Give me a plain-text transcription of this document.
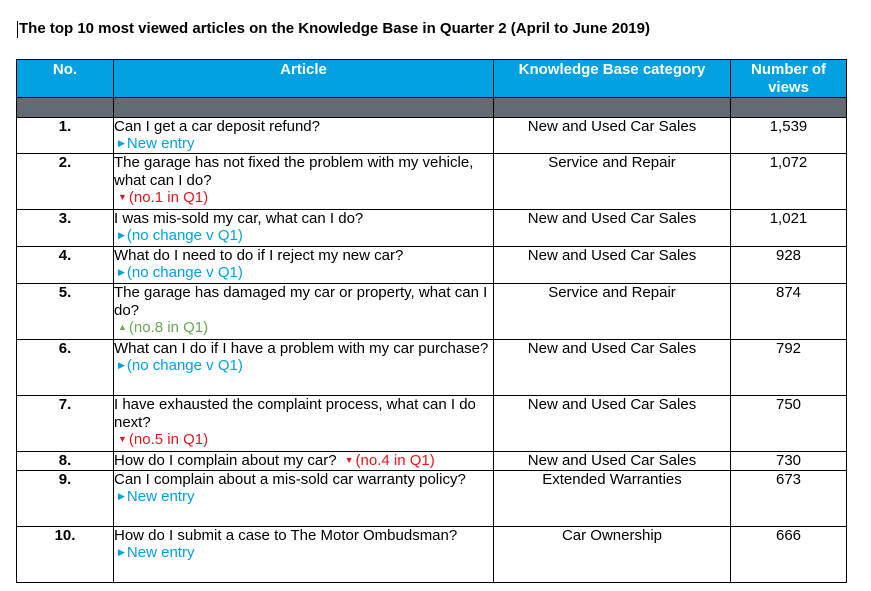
The top 10 most viewed articles on the Knowledge Base in Quarter 2 (April to June 2019)
No.	Article	Knowledge Base category	Number of views

1.	Can I get a car deposit refund?
▶ New entry	New and Used Car Sales	1,539
2.	The garage has not fixed the problem with my vehicle, what can I do?
▼ (no.1 in Q1)	Service and Repair	1,072
3.	I was mis-sold my car, what can I do?
▶ (no change v Q1)	New and Used Car Sales	1,021
4.	What do I need to do if I reject my new car?
▶ (no change v Q1)	New and Used Car Sales	928
5.	The garage has damaged my car or property, what can I do?
▲ (no.8 in Q1)	Service and Repair	874
6.	What can I do if I have a problem with my car purchase?
▶ (no change v Q1)	New and Used Car Sales	792
7.	I have exhausted the complaint process, what can I do next?
▼ (no.5 in Q1)	New and Used Car Sales	750
8.	How do I complain about my car? ▼ (no.4 in Q1)	New and Used Car Sales	730
9.	Can I complain about a mis-sold car warranty policy?
▶ New entry	Extended Warranties	673
10.	How do I submit a case to The Motor Ombudsman?
▶ New entry	Car Ownership	666
